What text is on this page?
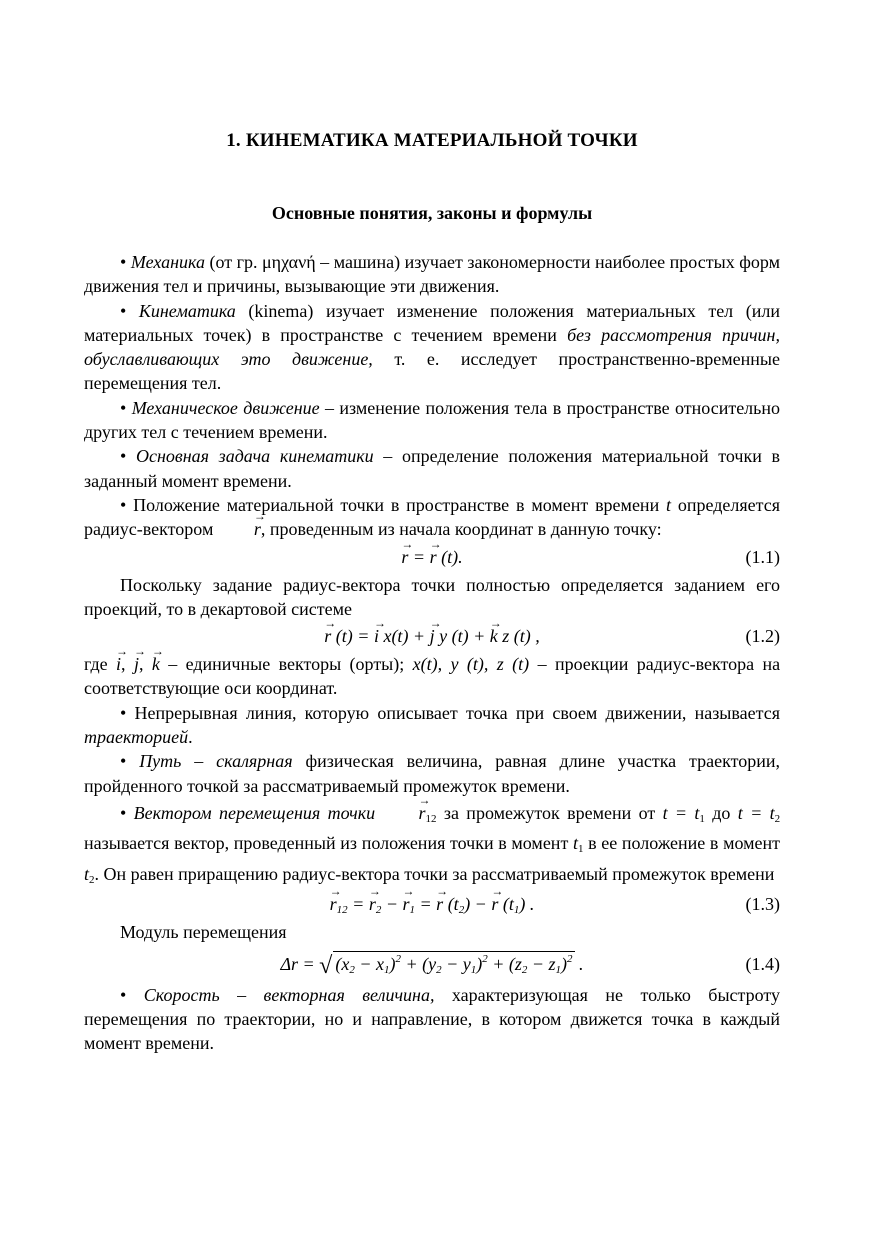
1. КИНЕМАТИКА МАТЕРИАЛЬНОЙ ТОЧКИ
Основные понятия, законы и формулы

• Механика (от гр. μηχανή – машина) изучает закономерности наиболее простых форм движения тел и причины, вызывающие эти движения.

• Кинематика (kinema) изучает изменение положения материальных тел (или материальных точек) в пространстве с течением времени без рассмотрения причин, обуславливающих это движение, т. е. исследует пространственно-временные перемещения тел.

• Механическое движение – изменение положения тела в пространстве относительно других тел с течением времени.

• Основная задача кинематики – определение положения материальной точки в заданный момент времени.

• Положение материальной точки в пространстве в момент времени t определяется радиус-вектором → r, проведенным из начала координат в данную точку:

→ r = → r (t).	(1.1)

Поскольку задание радиус-вектора точки полностью определяется заданием его проекций, то в декартовой системе

→ r (t) = → i x(t) + → j y (t) + → k z (t) ,	(1.2)

где → i, → j, → k – единичные векторы (орты); x(t), y (t), z (t) – проекции радиус-вектора на соответствующие оси координат.

• Непрерывная линия, которую описывает точка при своем движении, называется траекторией.

• Путь – скалярная физическая величина, равная длине участка траектории, пройденного точкой за рассматриваемый промежуток времени.

• Вектором перемещения точки → $r_{12}$ за промежуток времени от $t = t_1$ до $t = t_2$ называется вектор, проведенный из положения точки в момент $t_1$ в ее положение в момент $t_2$. Он равен приращению радиус-вектора точки за рассматриваемый промежуток времени

→ $r_{12}$ = → $r_2$ − → $r_1$ = → r $(t_2)$ − → r $(t_1)$ .	(1.3)

Модуль перемещения

Δr = √ $(x_2 - x_1)^2 + (y_2 - y_1)^2 + (z_2 - z_1)^2$ .	(1.4)

• Скорость – векторная величина, характеризующая не только быстроту перемещения по траектории, но и направление, в котором движется точка в каждый момент времени.
